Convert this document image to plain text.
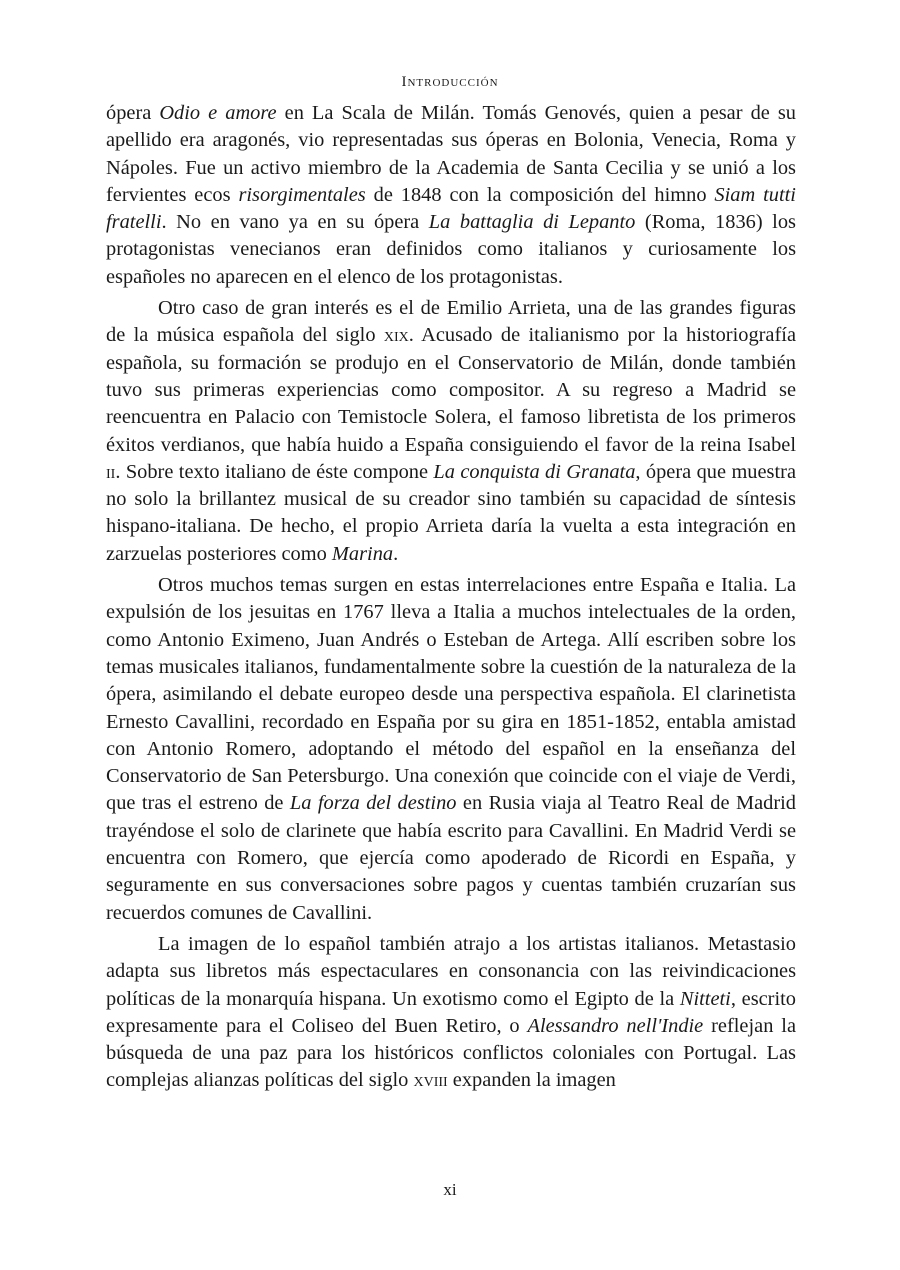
Introducción

ópera Odio e amore en La Scala de Milán. Tomás Genovés, quien a pesar de su apellido era aragonés, vio representadas sus óperas en Bolonia, Venecia, Roma y Nápoles. Fue un activo miembro de la Academia de Santa Cecilia y se unió a los fervientes ecos risorgimentales de 1848 con la composición del himno Siam tutti fratelli. No en vano ya en su ópera La battaglia di Lepanto (Roma, 1836) los protagonistas venecianos eran definidos como italianos y curiosamente los españoles no aparecen en el elenco de los protagonistas.

Otro caso de gran interés es el de Emilio Arrieta, una de las grandes figuras de la música española del siglo xix. Acusado de italianismo por la historiografía española, su formación se produjo en el Conservatorio de Milán, donde también tuvo sus primeras experiencias como compositor. A su regreso a Madrid se reencuentra en Palacio con Temistocle Solera, el famoso libretista de los primeros éxitos verdianos, que había huido a España consiguiendo el favor de la reina Isabel ii. Sobre texto italiano de éste compone La conquista di Granata, ópera que muestra no solo la brillantez musical de su creador sino también su capacidad de síntesis hispano-italiana. De hecho, el propio Arrieta daría la vuelta a esta integración en zarzuelas posteriores como Marina.

Otros muchos temas surgen en estas interrelaciones entre España e Italia. La expulsión de los jesuitas en 1767 lleva a Italia a muchos intelectuales de la orden, como Antonio Eximeno, Juan Andrés o Esteban de Artega. Allí escriben sobre los temas musicales italianos, fundamentalmente sobre la cuestión de la naturaleza de la ópera, asimilando el debate europeo desde una perspectiva española. El clarinetista Ernesto Cavallini, recordado en España por su gira en 1851-1852, entabla amistad con Antonio Romero, adoptando el método del español en la enseñanza del Conservatorio de San Petersburgo. Una conexión que coincide con el viaje de Verdi, que tras el estreno de La forza del destino en Rusia viaja al Teatro Real de Madrid trayéndose el solo de clarinete que había escrito para Cavallini. En Madrid Verdi se encuentra con Romero, que ejercía como apoderado de Ricordi en España, y seguramente en sus conversaciones sobre pagos y cuentas también cruzarían sus recuerdos comunes de Cavallini.

La imagen de lo español también atrajo a los artistas italianos. Metastasio adapta sus libretos más espectaculares en consonancia con las reivindicaciones políticas de la monarquía hispana. Un exotismo como el Egipto de la Nitteti, escrito expresamente para el Coliseo del Buen Retiro, o Alessandro nell'Indie reflejan la búsqueda de una paz para los históricos conflictos coloniales con Portugal. Las complejas alianzas políticas del siglo xviii expanden la imagen

xi
